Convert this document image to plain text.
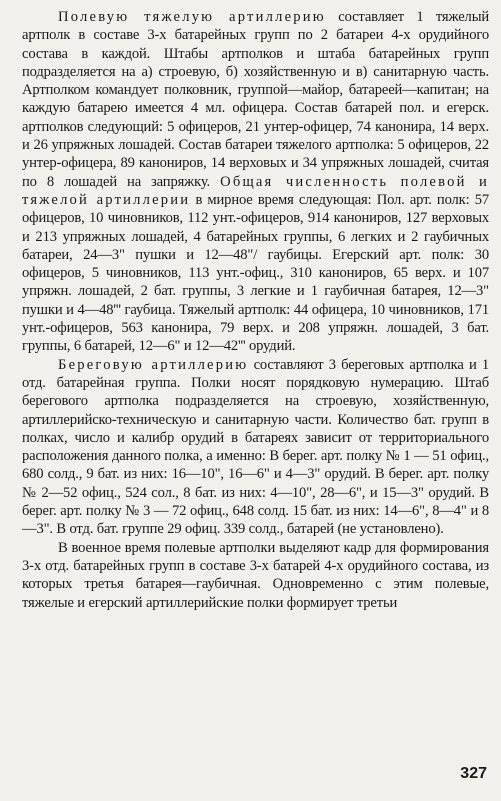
Полевую тяжелую артиллерию составляет 1 тяжелый артполк в составе 3-х батарейных групп по 2 батареи 4-х орудийного состава в каждой. Штабы артполков и штаба батарейных групп подразделяется на а) строевую, б) хозяйственную и в) санитарную часть. Артполком командует полковник, группой—майор, батареей—капитан; на каждую батарею имеется 4 мл. офицера. Состав батарей пол. и егерск. артполков следующий: 5 офицеров, 21 унтер-офицер, 74 канонира, 14 верх. и 26 упряжных лошадей. Состав батареи тяжелого артполка: 5 офицеров, 22 унтер-офицера, 89 канониров, 14 верховых и 34 упряжных лошадей, считая по 8 лошадей на запряжку. Общая численность полевой и тяжелой артиллерии в мирное время следующая: Пол. арт. полк: 57 офицеров, 10 чиновников, 112 унт.-офицеров, 914 канониров, 127 верховых и 213 упряжных лошадей, 4 батарейных группы, 6 легких и 2 гаубичных батареи, 24—3" пушки и 12—48"/ гаубицы. Егерский арт. полк: 30 офицеров, 5 чиновников, 113 унт.-офиц., 310 канониров, 65 верх. и 107 упряжн. лошадей, 2 бат. группы, 3 легкие и 1 гаубичная батарея, 12—3" пушки и 4—48''' гаубица. Тяжелый артполк: 44 офицера, 10 чиновников, 171 унт.-офицеров, 563 канонира, 79 верх. и 208 упряжн. лошадей, 3 бат. группы, 6 батарей, 12—6" и 12—42''' орудий.

Береговую артиллерию составляют 3 береговых артполка и 1 отд. батарейная группа. Полки носят порядковую нумерацию. Штаб берегового артполка подразделяется на строевую, хозяйственную, артиллерийско-техническую и санитарную части. Количество бат. групп в полках, число и калибр орудий в батареях зависит от территориального расположения данного полка, а именно: В берег. арт. полку № 1 — 51 офиц., 680 солд., 9 бат. из них: 16—10", 16—6" и 4—3" орудий. В берег. арт. полку № 2—52 офиц., 524 сол., 8 бат. из них: 4—10", 28—6", и 15—3" орудий. В берег. арт. полку № 3 — 72 офиц., 648 солд. 15 бат. из них: 14—6", 8—4" и 8—3". В отд. бат. группе 29 офиц. 339 солд., батарей (не установлено).

В военное время полевые артполки выделяют кадр для формирования 3-х отд. батарейных групп в составе 3-х батарей 4-х орудийного состава, из которых третья батарея—гаубичная. Одновременно с этим полевые, тяжелые и егерский артиллерийские полки формирует третьи

327
